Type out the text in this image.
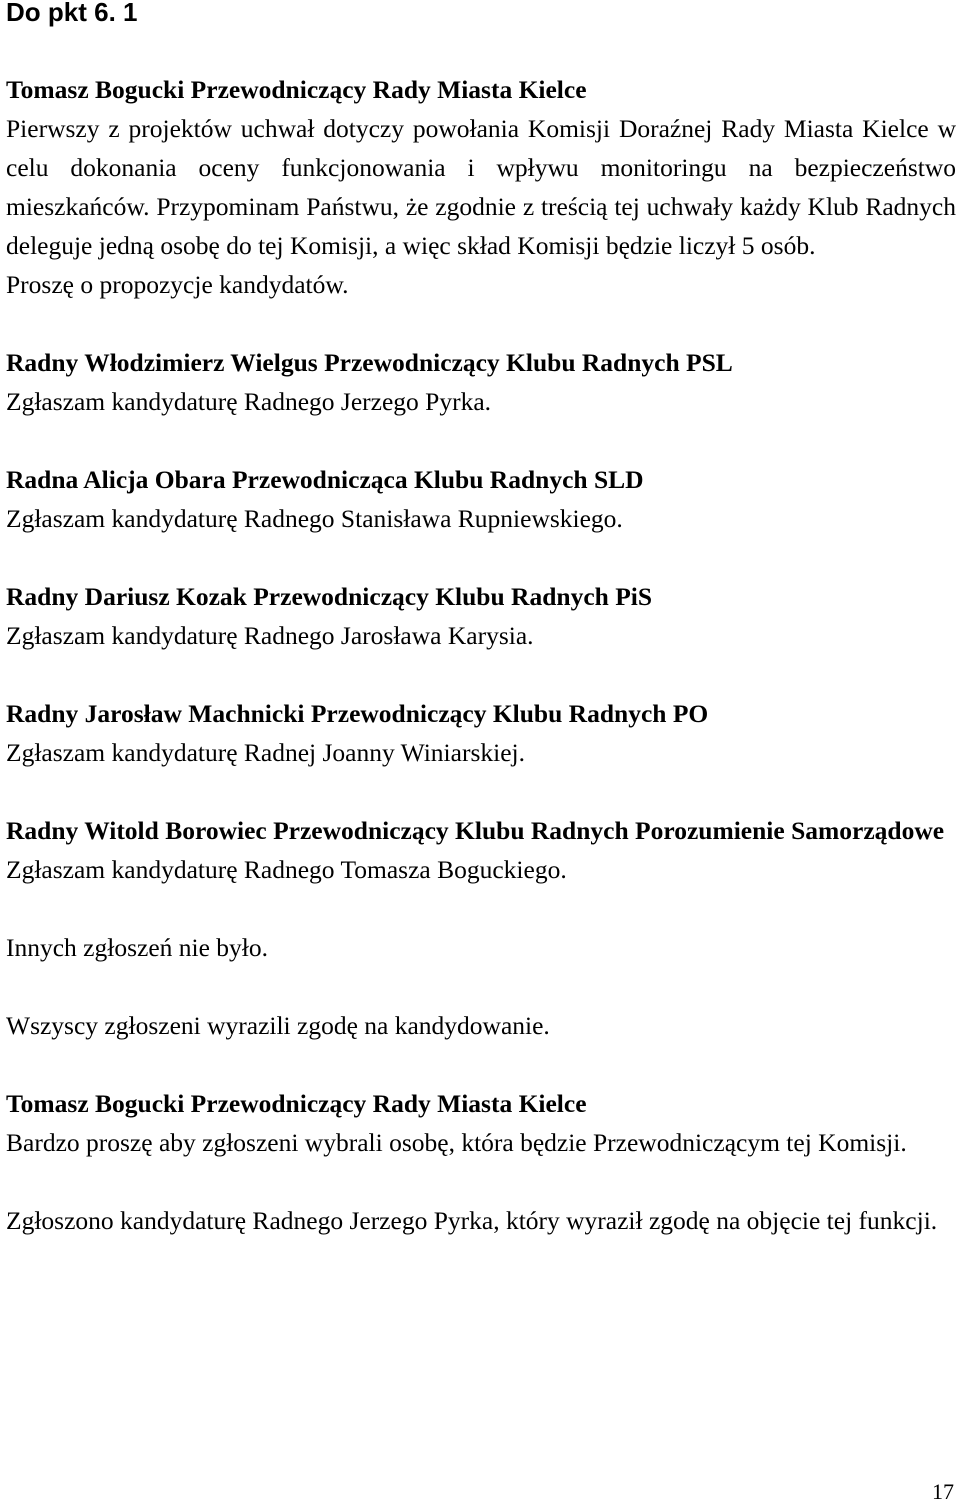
Do pkt 6. 1
Tomasz Bogucki Przewodniczący Rady Miasta Kielce
Pierwszy z projektów uchwał dotyczy powołania Komisji Doraźnej Rady Miasta Kielce w celu dokonania oceny funkcjonowania i wpływu monitoringu na bezpieczeństwo mieszkańców. Przypominam Państwu, że zgodnie z treścią tej uchwały każdy Klub Radnych deleguje jedną osobę do tej Komisji, a więc skład Komisji będzie liczył 5 osób.
Proszę o propozycje kandydatów.
Radny Włodzimierz Wielgus Przewodniczący Klubu Radnych PSL
Zgłaszam kandydaturę Radnego Jerzego Pyrka.
Radna Alicja Obara Przewodnicząca Klubu Radnych SLD
Zgłaszam kandydaturę Radnego Stanisława Rupniewskiego.
Radny Dariusz Kozak Przewodniczący Klubu Radnych PiS
Zgłaszam kandydaturę Radnego Jarosława Karysia.
Radny Jarosław Machnicki Przewodniczący Klubu Radnych PO
Zgłaszam kandydaturę Radnej Joanny Winiarskiej.
Radny Witold Borowiec Przewodniczący Klubu Radnych Porozumienie Samorządowe
Zgłaszam kandydaturę Radnego Tomasza Boguckiego.
Innych zgłoszeń nie było.
Wszyscy zgłoszeni wyrazili zgodę na kandydowanie.
Tomasz Bogucki Przewodniczący Rady Miasta Kielce
Bardzo proszę aby zgłoszeni wybrali osobę, która będzie Przewodniczącym tej Komisji.
Zgłoszono kandydaturę Radnego Jerzego Pyrka, który wyraził zgodę na objęcie tej funkcji.
17
